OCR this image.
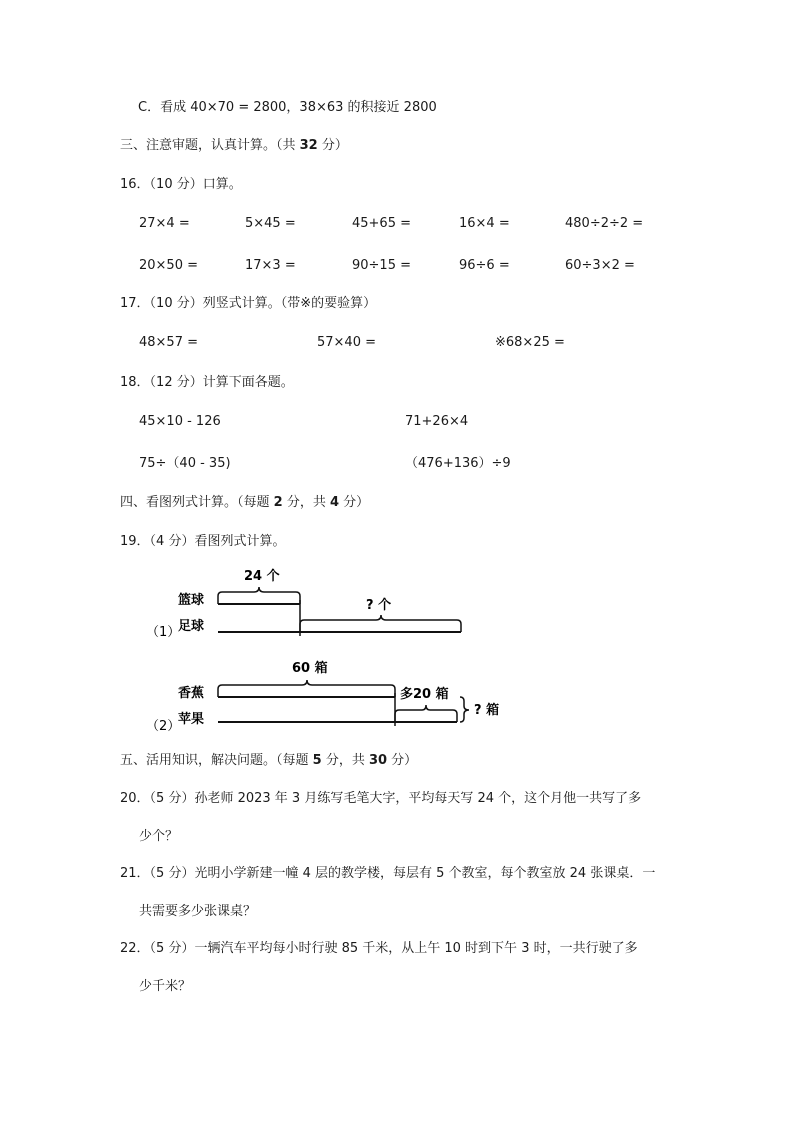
C．看成 40×70 = 2800，38×63 的积接近 2800
三、注意审题，认真计算。（共 32 分）
16．（10 分）口算。
27×4 =	5×45 =	45+65 =	16×4 =	480÷2÷2 =
20×50 =	17×3 =	90÷15 =	96÷6 =	60÷3×2 =
17．（10 分）列竖式计算。（带※的要验算）
48×57 =	57×40 =	※68×25 =
18．（12 分）计算下面各题。
45×10 - 126	71+26×4
75÷（40 - 35)	（476+136）÷9
四、看图列式计算。（每题 2 分，共 4 分）
19．（4 分）看图列式计算。
（1）
篮球
足球
24 个
? 个
（2）
香蕉
苹果
60 箱
多20 箱
? 箱
五、活用知识，解决问题。（每题 5 分，共 30 分）
20．（5 分）孙老师 2023 年 3 月练写毛笔大字，平均每天写 24 个，这个月他一共写了多
少个？
21．（5 分）光明小学新建一幢 4 层的教学楼，每层有 5 个教室，每个教室放 24 张课桌．一
共需要多少张课桌？
22．（5 分）一辆汽车平均每小时行驶 85 千米，从上午 10 时到下午 3 时，一共行驶了多
少千米？
